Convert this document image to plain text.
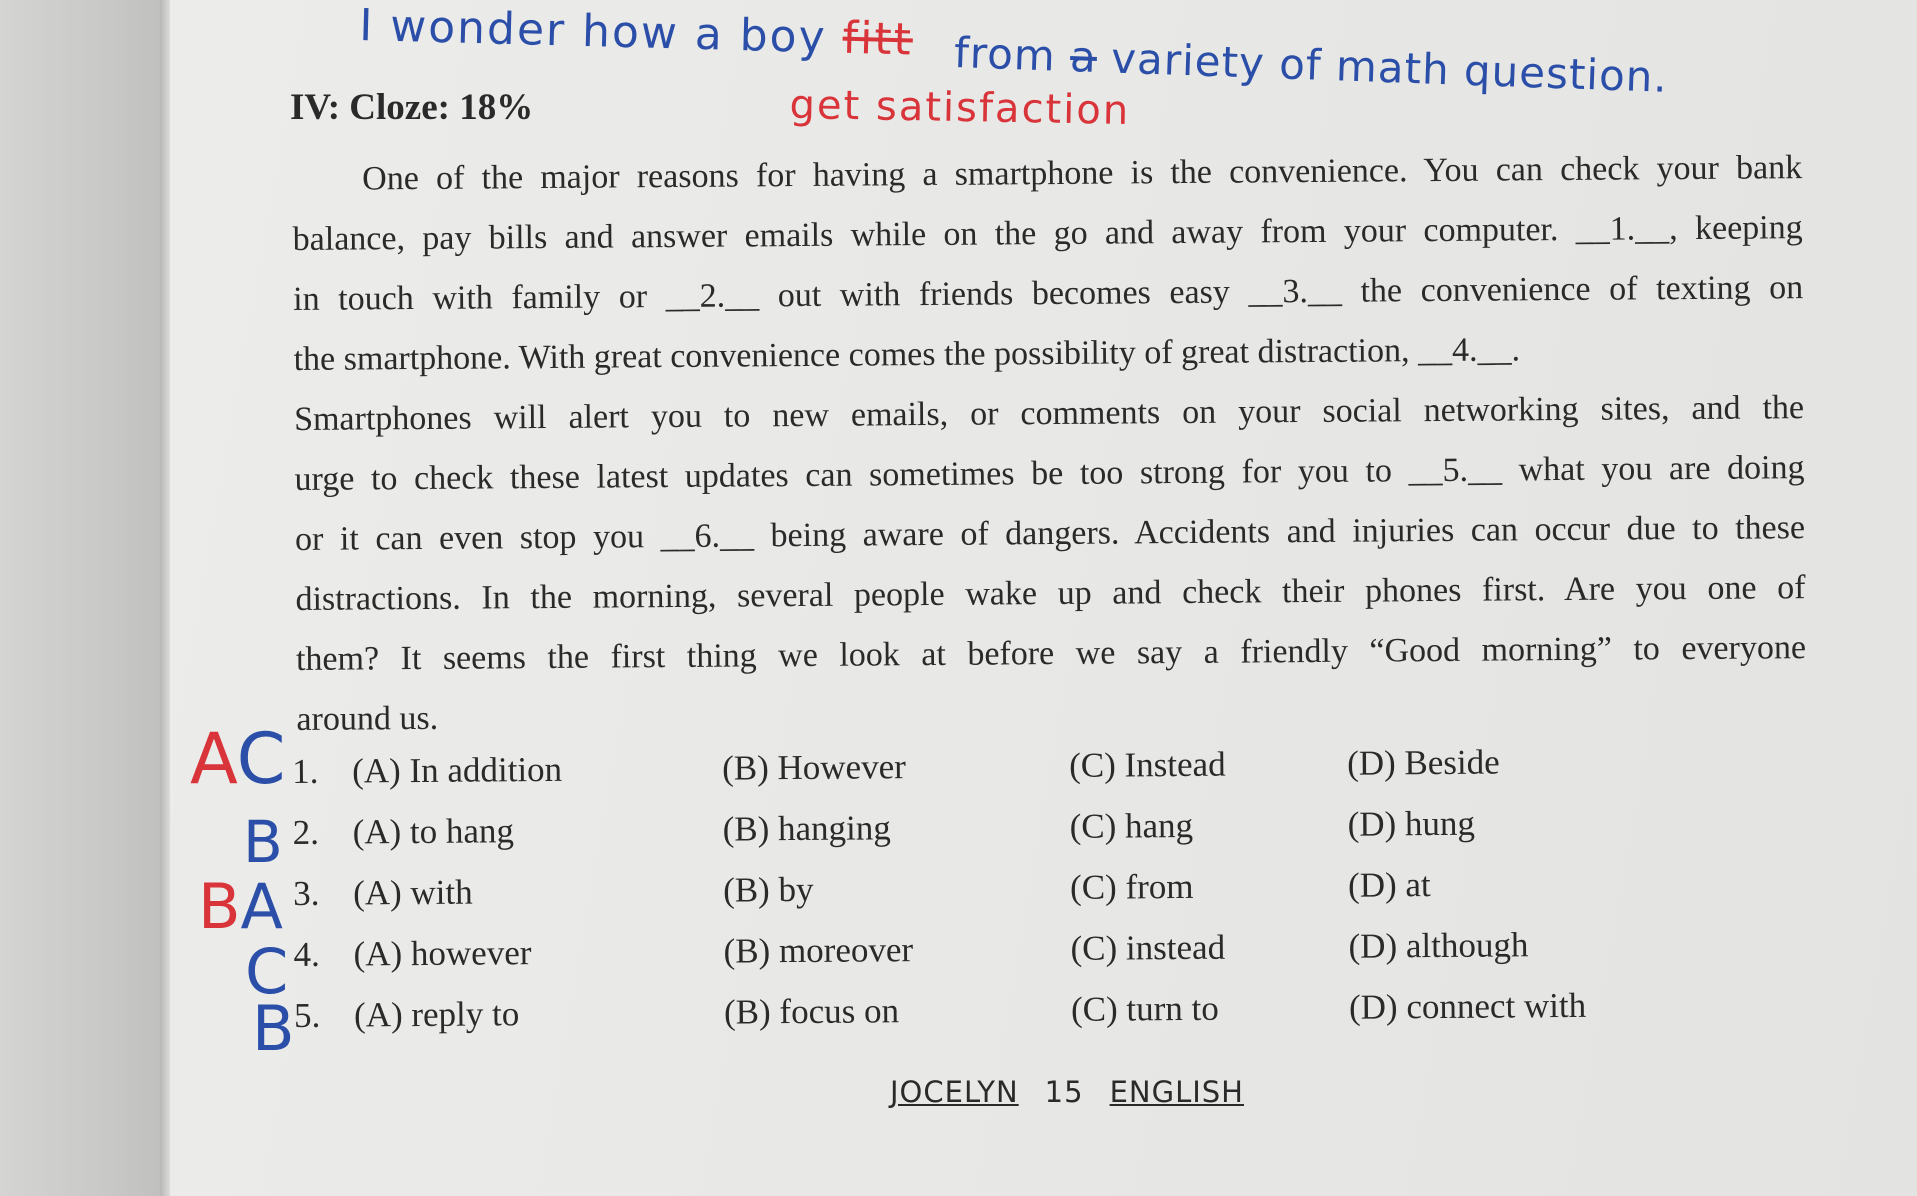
I wonder how a boy fitt from a variety of math question.
get satisfaction
IV: Cloze: 18%
One of the major reasons for having a smartphone is the convenience. You can check your bank
balance, pay bills and answer emails while on the go and away from your computer. __1.__, keeping
in touch with family or __2.__ out with friends becomes easy __3.__ the convenience of texting on
the smartphone. With great convenience comes the possibility of great distraction, __4.__.
Smartphones will alert you to new emails, or comments on your social networking sites, and the
urge to check these latest updates can sometimes be too strong for you to __5.__ what you are doing
or it can even stop you __6.__ being aware of dangers. Accidents and injuries can occur due to these
distractions. In the morning, several people wake up and check their phones first. Are you one of
them? It seems the first thing we look at before we say a friendly “Good morning” to everyone
around us.
1. (A) In addition	(B) However	(C) Instead	(D) Beside
2. (A) to hang	(B) hanging	(C) hang	(D) hung
3. (A) with	(B) by	(C) from	(D) at
4. (A) however	(B) moreover	(C) instead	(D) although
5. (A) reply to	(B) focus on	(C) turn to	(D) connect with
AC
B
BA
C
B
JOCELYN 15 ENGLISH
